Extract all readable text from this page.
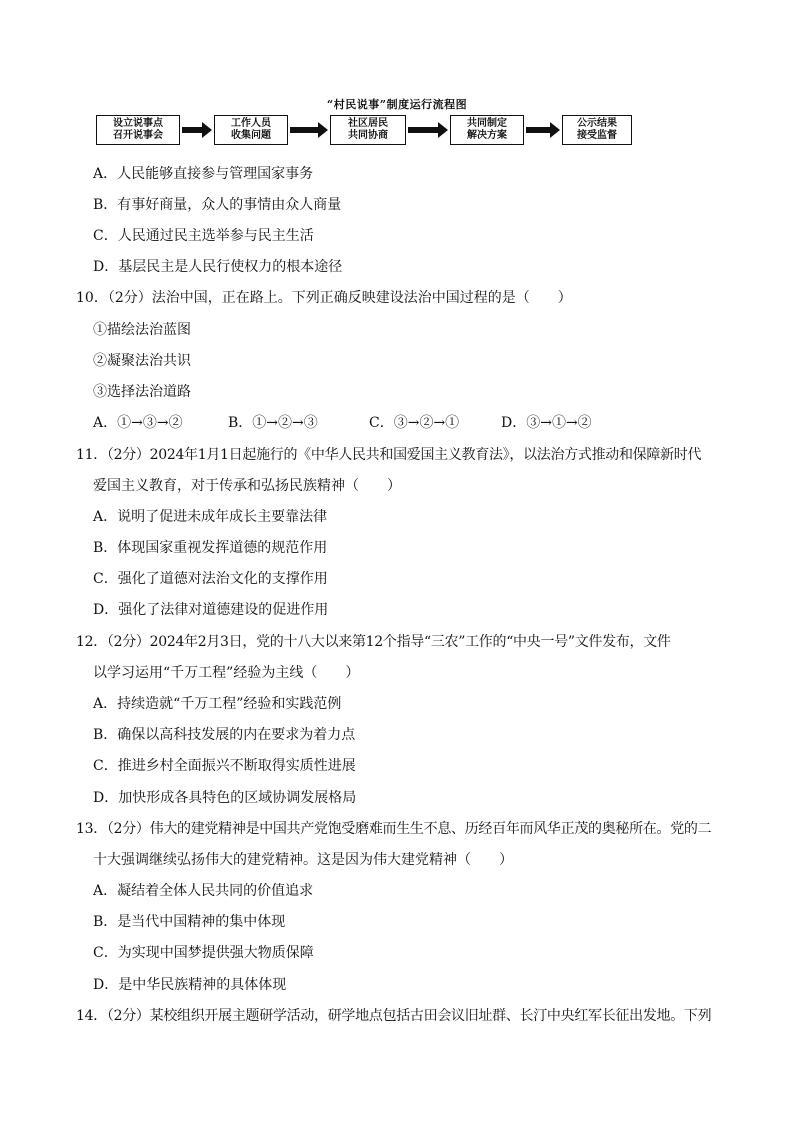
“村民说事”制度运行流程图
设立说事点
召开说事会
工作人员
收集问题
社区居民
共同协商
共同制定
解决方案
公示结果
接受监督
A．人民能够直接参与管理国家事务
B．有事好商量，众人的事情由众人商量
C．人民通过民主选举参与民主生活
D．基层民主是人民行使权力的根本途径
10．（2分）法治中国，正在路上。下列正确反映建设法治中国过程的是（　　）
①描绘法治蓝图
②凝聚法治共识
③选择法治道路
A．①→③→②	B．①→②→③	C．③→②→①	D．③→①→②
11．（2分）2024年1月1日起施行的《中华人民共和国爱国主义教育法》，以法治方式推动和保障新时代
爱国主义教育，对于传承和弘扬民族精神（　　）
A．说明了促进未成年成长主要靠法律
B．体现国家重视发挥道德的规范作用
C．强化了道德对法治文化的支撑作用
D．强化了法律对道德建设的促进作用
12．（2分）2024年2月3日，党的十八大以来第12个指导“三农”工作的“中央一号”文件发布，文件
以学习运用“千万工程”经验为主线（　　）
A．持续造就“千万工程”经验和实践范例
B．确保以高科技发展的内在要求为着力点
C．推进乡村全面振兴不断取得实质性进展
D．加快形成各具特色的区域协调发展格局
13．（2分）伟大的建党精神是中国共产党饱受磨难而生生不息、历经百年而风华正茂的奥秘所在。党的二
十大强调继续弘扬伟大的建党精神。这是因为伟大建党精神（　　）
A．凝结着全体人民共同的价值追求
B．是当代中国精神的集中体现
C．为实现中国梦提供强大物质保障
D．是中华民族精神的具体体现
14．（2分）某校组织开展主题研学活动，研学地点包括古田会议旧址群、长汀中央红军长征出发地。下列
